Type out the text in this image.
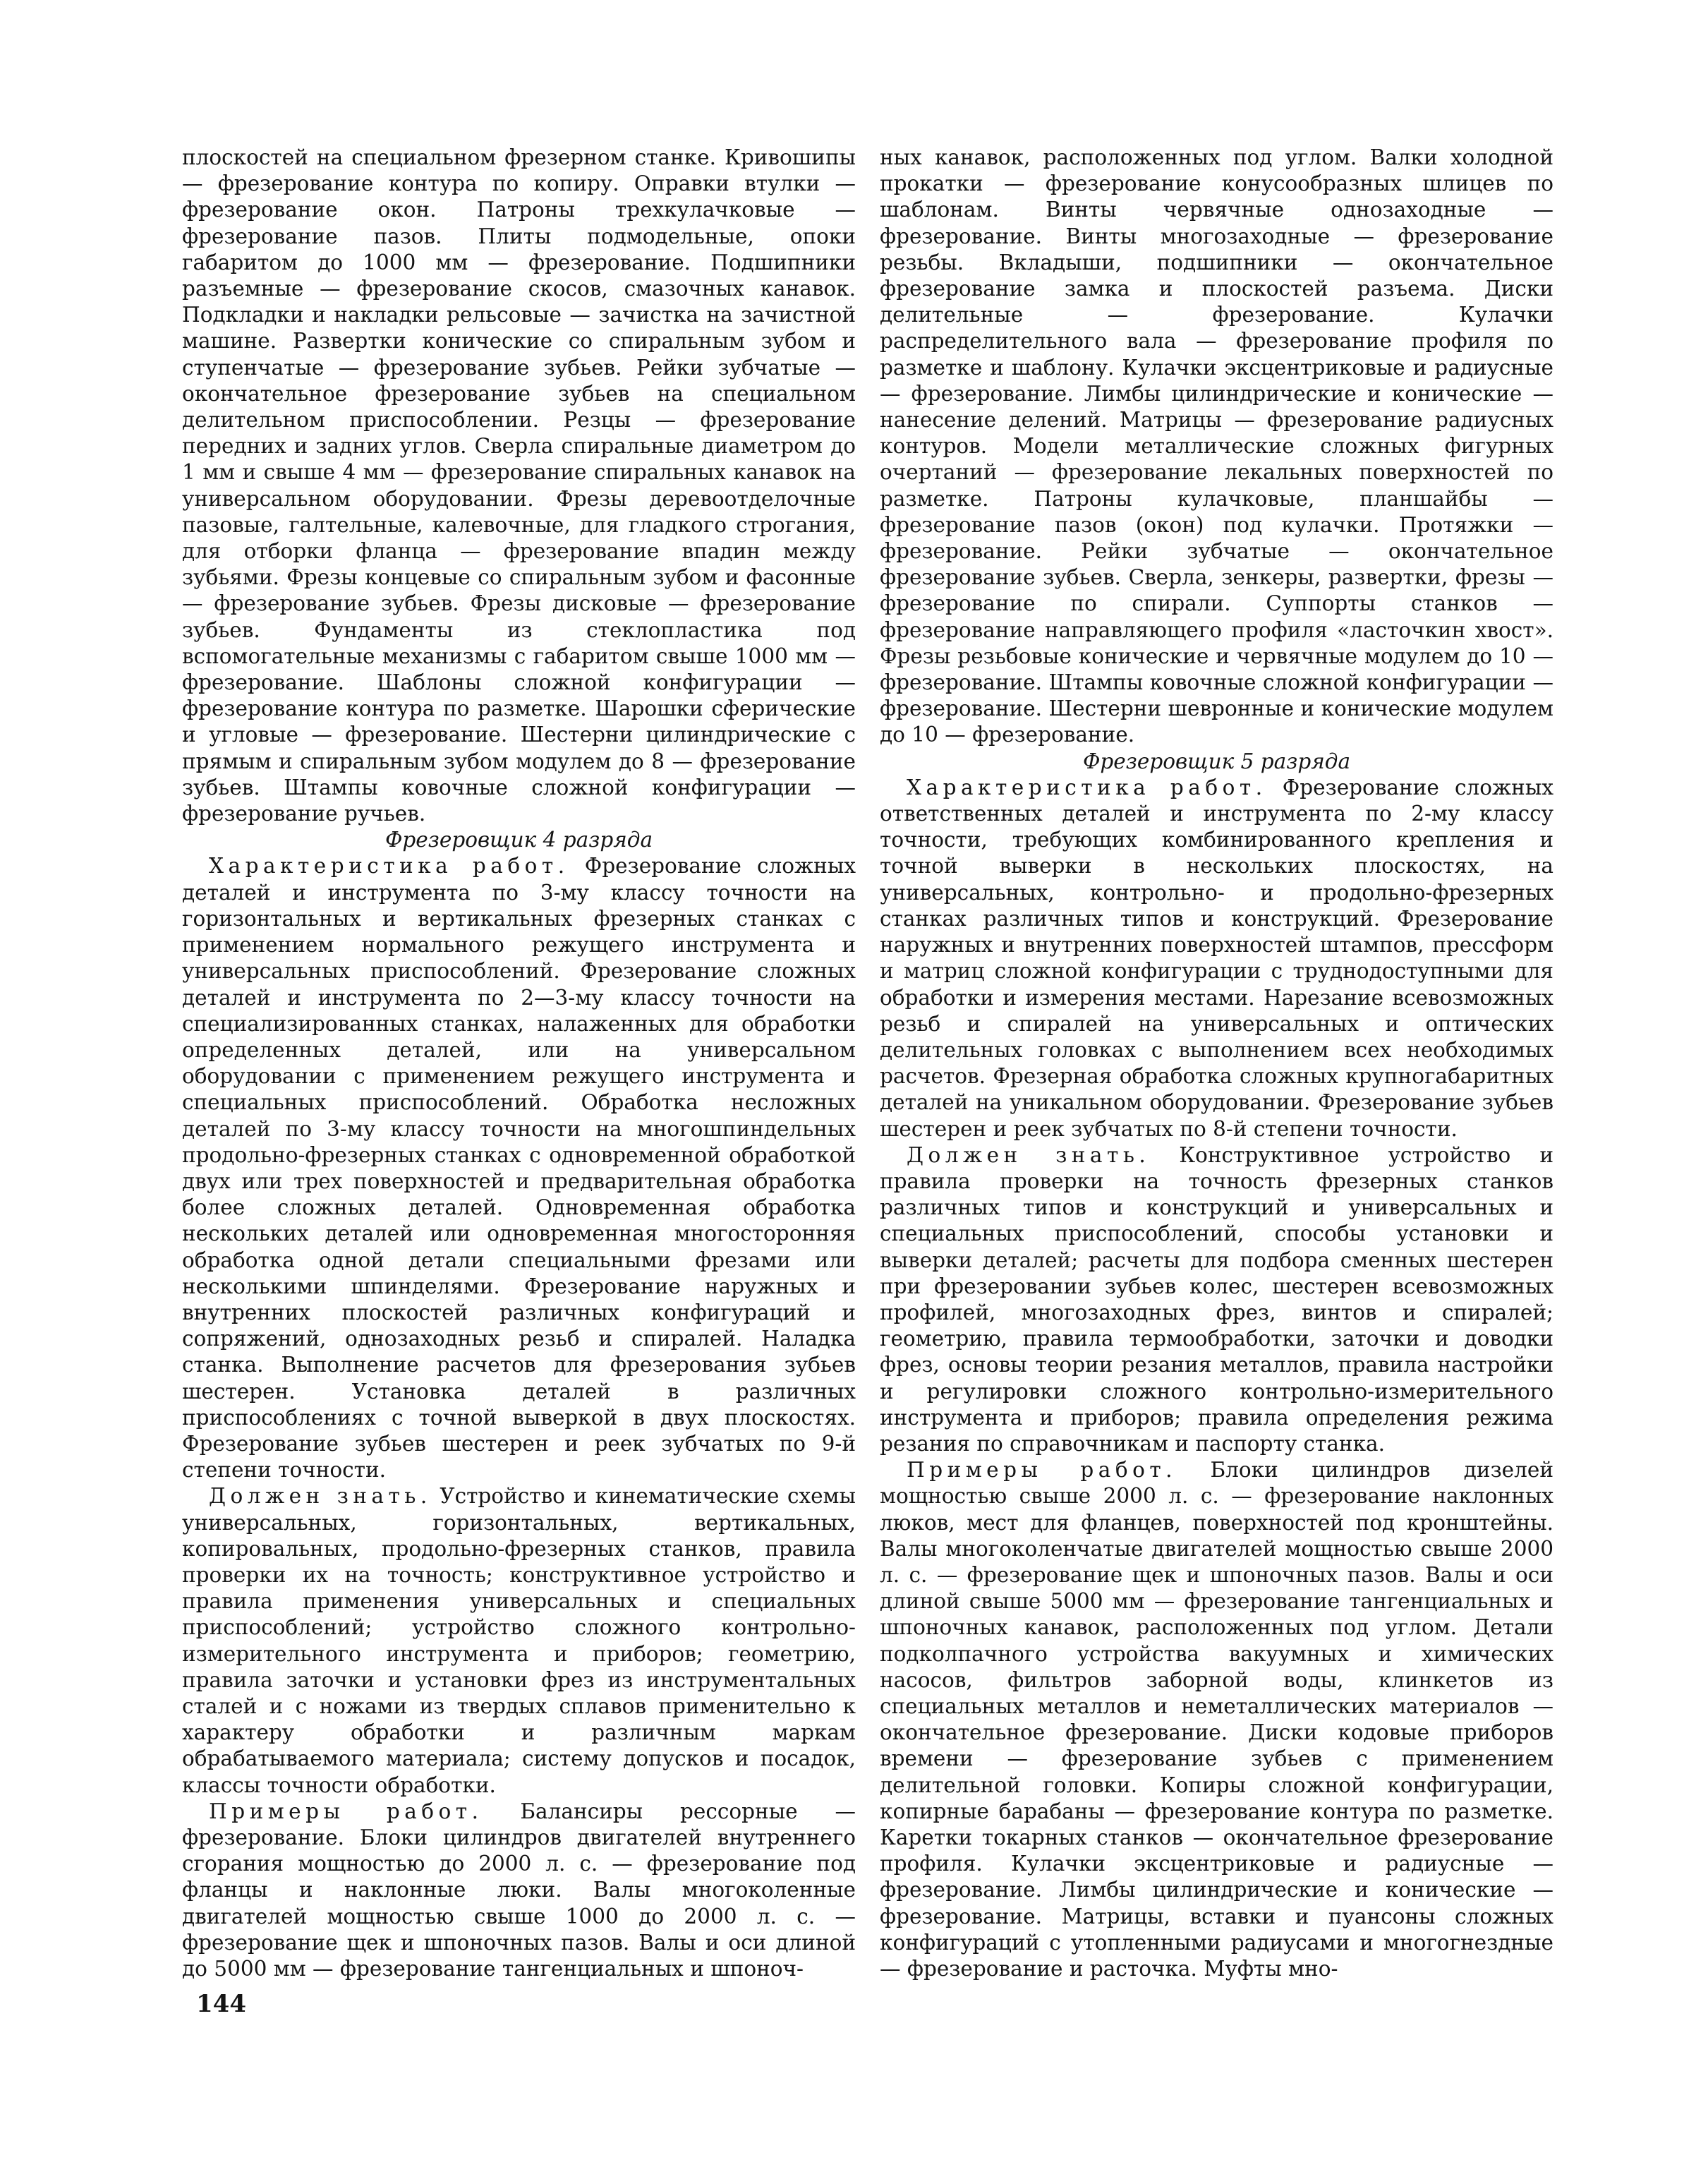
плоскостей на специальном фрезерном станке. Кривошипы — фрезерование контура по копиру. Оправки втулки — фрезерование окон. Патроны трехкулачковые — фрезерование пазов. Плиты подмодельные, опоки габаритом до 1000 мм — фрезерование. Подшипники разъемные — фрезерование скосов, смазочных канавок. Подкладки и накладки рельсовые — зачистка на зачистной машине. Развертки конические со спиральным зубом и ступенчатые — фрезерование зубьев. Рейки зубчатые — окончательное фрезерование зубьев на специальном делительном приспособлении. Резцы — фрезерование передних и задних углов. Сверла спиральные диаметром до 1 мм и свыше 4 мм — фрезерование спиральных канавок на универсальном оборудовании. Фрезы деревоотделочные пазовые, галтельные, калевочные, для гладкого строгания, для отборки фланца — фрезерование впадин между зубьями. Фрезы концевые со спиральным зубом и фасонные — фрезерование зубьев. Фрезы дисковые — фрезерование зубьев. Фундаменты из стеклопластика под вспомогательные механизмы с габаритом свыше 1000 мм — фрезерование. Шаблоны сложной конфигурации — фрезерование контура по разметке. Шарошки сферические и угловые — фрезерование. Шестерни цилиндрические с прямым и спиральным зубом модулем до 8 — фрезерование зубьев. Штампы ковочные сложной конфигурации — фрезерование ручьев.

Фрезеровщик 4 разряда

Характеристика работ. Фрезерование сложных деталей и инструмента по 3-му классу точности на горизонтальных и вертикальных фрезерных станках с применением нормального режущего инструмента и универсальных приспособлений. Фрезерование сложных деталей и инструмента по 2—3-му классу точности на специализированных станках, налаженных для обработки определенных деталей, или на универсальном оборудовании с применением режущего инструмента и специальных приспособлений. Обработка несложных деталей по 3-му классу точности на многошпиндельных продольно-фрезерных станках с одновременной обработкой двух или трех поверхностей и предварительная обработка более сложных деталей. Одновременная обработка нескольких деталей или одновременная многосторонняя обработка одной детали специальными фрезами или несколькими шпинделями. Фрезерование наружных и внутренних плоскостей различных конфигураций и сопряжений, однозаходных резьб и спиралей. Наладка станка. Выполнение расчетов для фрезерования зубьев шестерен. Установка деталей в различных приспособлениях с точной выверкой в двух плоскостях. Фрезерование зубьев шестерен и реек зубчатых по 9-й степени точности.

Должен знать. Устройство и кинематические схемы универсальных, горизонтальных, вертикальных, копировальных, продольно-фрезерных станков, правила проверки их на точность; конструктивное устройство и правила применения универсальных и специальных приспособлений; устройство сложного контрольно-измерительного инструмента и приборов; геометрию, правила заточки и установки фрез из инструментальных сталей и с ножами из твердых сплавов применительно к характеру обработки и различным маркам обрабатываемого материала; систему допусков и посадок, классы точности обработки.

Примеры работ. Балансиры рессорные — фрезерование. Блоки цилиндров двигателей внутреннего сгорания мощностью до 2000 л. с. — фрезерование под фланцы и наклонные люки. Валы многоколенные двигателей мощностью свыше 1000 до 2000 л. с. — фрезерование щек и шпоночных пазов. Валы и оси длиной до 5000 мм — фрезерование тангенциальных и шпоноч-

ных канавок, расположенных под углом. Валки холодной прокатки — фрезерование конусообразных шлицев по шаблонам. Винты червячные однозаходные — фрезерование. Винты многозаходные — фрезерование резьбы. Вкладыши, подшипники — окончательное фрезерование замка и плоскостей разъема. Диски делительные — фрезерование. Кулачки распределительного вала — фрезерование профиля по разметке и шаблону. Кулачки эксцентриковые и радиусные — фрезерование. Лимбы цилиндрические и конические — нанесение делений. Матрицы — фрезерование радиусных контуров. Модели металлические сложных фигурных очертаний — фрезерование лекальных поверхностей по разметке. Патроны кулачковые, планшайбы — фрезерование пазов (окон) под кулачки. Протяжки — фрезерование. Рейки зубчатые — окончательное фрезерование зубьев. Сверла, зенкеры, развертки, фрезы — фрезерование по спирали. Суппорты станков — фрезерование направляющего профиля «ласточкин хвост». Фрезы резьбовые конические и червячные модулем до 10 — фрезерование. Штампы ковочные сложной конфигурации — фрезерование. Шестерни шевронные и конические модулем до 10 — фрезерование.

Фрезеровщик 5 разряда

Характеристика работ. Фрезерование сложных ответственных деталей и инструмента по 2-му классу точности, требующих комбинированного крепления и точной выверки в нескольких плоскостях, на универсальных, контрольно- и продольно-фрезерных станках различных типов и конструкций. Фрезерование наружных и внутренних поверхностей штампов, прессформ и матриц сложной конфигурации с труднодоступными для обработки и измерения местами. Нарезание всевозможных резьб и спиралей на универсальных и оптических делительных головках с выполнением всех необходимых расчетов. Фрезерная обработка сложных крупногабаритных деталей на уникальном оборудовании. Фрезерование зубьев шестерен и реек зубчатых по 8-й степени точности.

Должен знать. Конструктивное устройство и правила проверки на точность фрезерных станков различных типов и конструкций и универсальных и специальных приспособлений, способы установки и выверки деталей; расчеты для подбора сменных шестерен при фрезеровании зубьев колес, шестерен всевозможных профилей, многозаходных фрез, винтов и спиралей; геометрию, правила термообработки, заточки и доводки фрез, основы теории резания металлов, правила настройки и регулировки сложного контрольно-измерительного инструмента и приборов; правила определения режима резания по справочникам и паспорту станка.

Примеры работ. Блоки цилиндров дизелей мощностью свыше 2000 л. с. — фрезерование наклонных люков, мест для фланцев, поверхностей под кронштейны. Валы многоколенчатые двигателей мощностью свыше 2000 л. с. — фрезерование щек и шпоночных пазов. Валы и оси длиной свыше 5000 мм — фрезерование тангенциальных и шпоночных канавок, расположенных под углом. Детали подколпачного устройства вакуумных и химических насосов, фильтров заборной воды, клинкетов из специальных металлов и неметаллических материалов — окончательное фрезерование. Диски кодовые приборов времени — фрезерование зубьев с применением делительной головки. Копиры сложной конфигурации, копирные барабаны — фрезерование контура по разметке. Каретки токарных станков — окончательное фрезерование профиля. Кулачки эксцентриковые и радиусные — фрезерование. Лимбы цилиндрические и конические — фрезерование. Матрицы, вставки и пуансоны сложных конфигураций с утопленными радиусами и многогнездные — фрезерование и расточка. Муфты мно-

144
